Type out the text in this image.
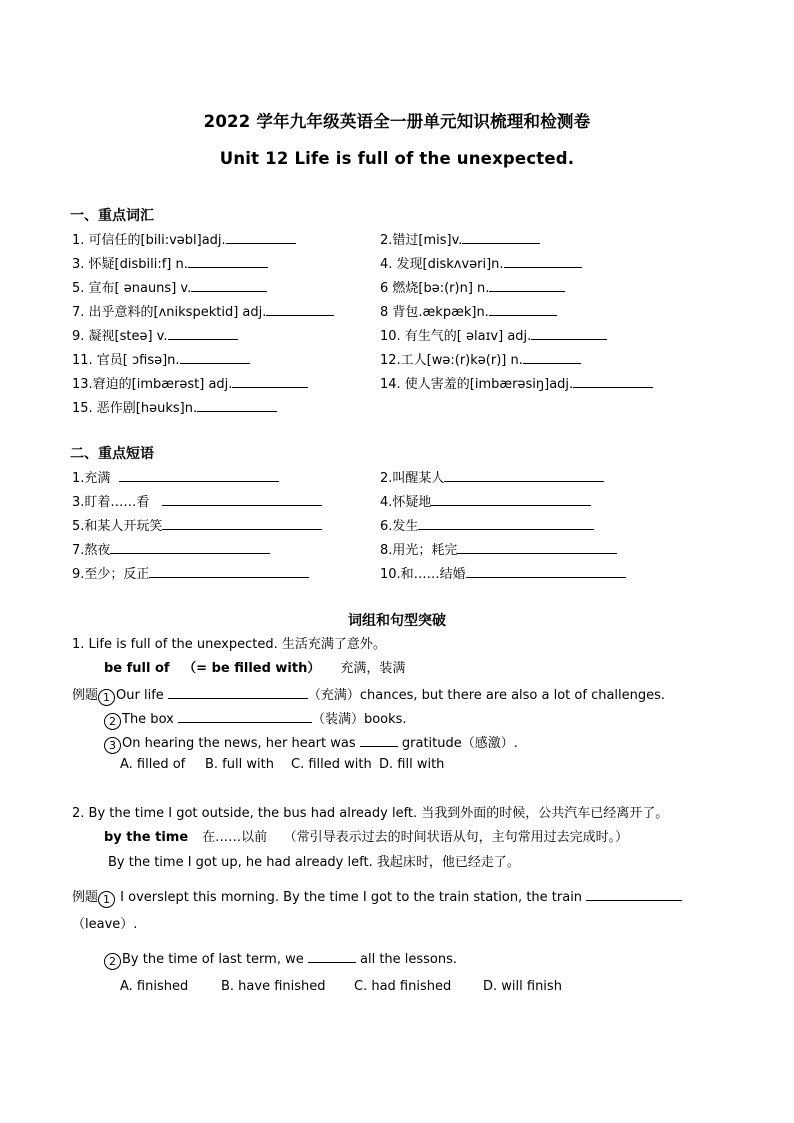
2022 学年九年级英语全一册单元知识梳理和检测卷
Unit 12 Life is full of the unexpected.
一、重点词汇
1. 可信任的[bili:vəbl]adj.	2.错过[mis]v.
3. 怀疑[disbili:f] n.	4. 发现[diskʌvəri]n.
5. 宣布[ ənauns] v.	6 燃烧[bə:(r)n] n.
7. 出乎意料的[ʌnikspektid] adj.	8 背包.ækpæk]n.
9. 凝视[steə] v.	10. 有生气的[ əlaɪv] adj.
11. 官员[ ɔfisə]n.	12.工人[wə:(r)kə(r)] n.
13.窘迫的[imbærəst] adj.	14. 使人害羞的[imbærəsiŋ]adj.
15. 恶作剧[həuks]n.
二、重点短语
1.充满	2.叫醒某人
3.盯着……看	4.怀疑地
5.和某人开玩笑	6.发生
7.熬夜	8.用光；耗完
9.至少；反正	10.和……结婚
词组和句型突破
1. Life is full of the unexpected. 生活充满了意外。
be full of   （= be filled with） 充满，装满
例题 1 Our life	（充满）chances, but there are also a lot of challenges.
2 The box	（装满）books.
3 On hearing the news, her heart was	gratitude（感激）.
A. filled of B. full with C. filled with D. fill with
2. By the time I got outside, the bus had already left. 当我到外面的时候，公共汽车已经离开了。
by the time 在……以前    （常引导表示过去的时间状语从句，主句常用过去完成时。）
By the time I got up, he had already left. 我起床时，他已经走了。
例题 1 I overslept this morning. By the time I got to the train station, the train
（leave）.
2 By the time of last term, we	all the lessons.
A. finished	B. have finished C. had finished D. will finish
